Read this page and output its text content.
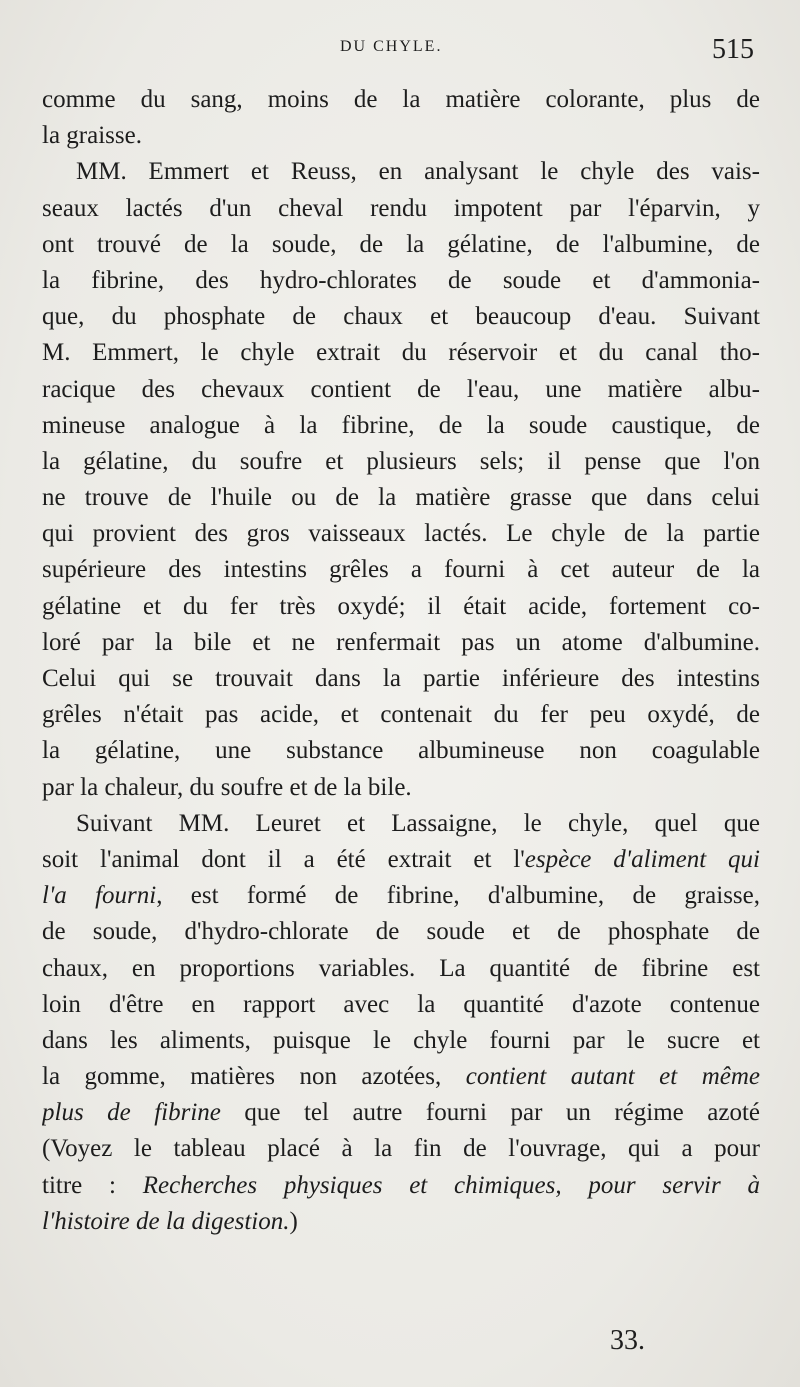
DU CHYLE.	515
comme du sang, moins de la matière colorante, plus de
la graisse.
MM. Emmert et Reuss, en analysant le chyle des vais-
seaux lactés d'un cheval rendu impotent par l'éparvin, y
ont trouvé de la soude, de la gélatine, de l'albumine, de
la fibrine, des hydro-chlorates de soude et d'ammonia-
que, du phosphate de chaux et beaucoup d'eau. Suivant
M. Emmert, le chyle extrait du réservoir et du canal tho-
racique des chevaux contient de l'eau, une matière albu-
mineuse analogue à la fibrine, de la soude caustique, de
la gélatine, du soufre et plusieurs sels; il pense que l'on
ne trouve de l'huile ou de la matière grasse que dans celui
qui provient des gros vaisseaux lactés. Le chyle de la partie
supérieure des intestins grêles a fourni à cet auteur de la
gélatine et du fer très oxydé; il était acide, fortement co-
loré par la bile et ne renfermait pas un atome d'albumine.
Celui qui se trouvait dans la partie inférieure des intestins
grêles n'était pas acide, et contenait du fer peu oxydé, de
la gélatine, une substance albumineuse non coagulable
par la chaleur, du soufre et de la bile.
Suivant MM. Leuret et Lassaigne, le chyle, quel que
soit l'animal dont il a été extrait et l'espèce d'aliment qui
l'a fourni, est formé de fibrine, d'albumine, de graisse,
de soude, d'hydro-chlorate de soude et de phosphate de
chaux, en proportions variables. La quantité de fibrine est
loin d'être en rapport avec la quantité d'azote contenue
dans les aliments, puisque le chyle fourni par le sucre et
la gomme, matières non azotées, contient autant et même
plus de fibrine que tel autre fourni par un régime azoté
(Voyez le tableau placé à la fin de l'ouvrage, qui a pour
titre : Recherches physiques et chimiques, pour servir à
l'histoire de la digestion.)
33.
